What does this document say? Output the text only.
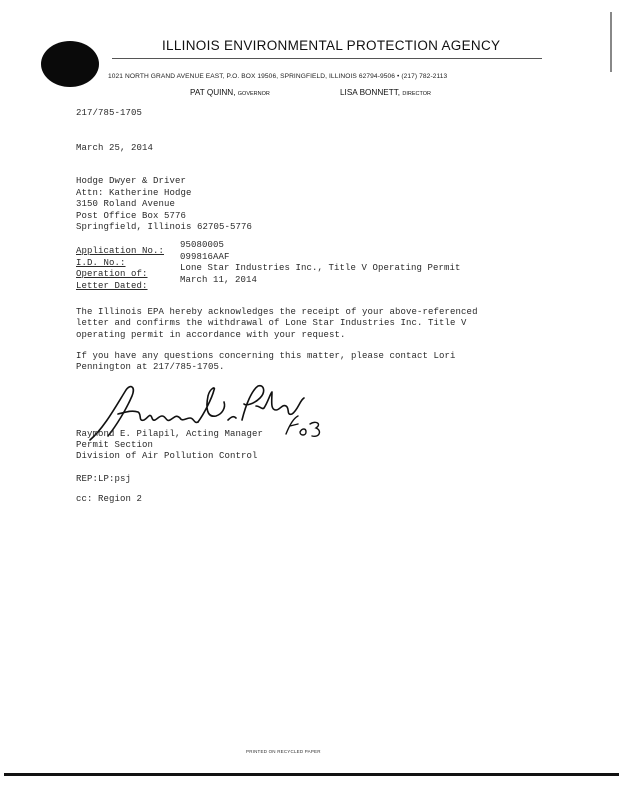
ILLINOIS ENVIRONMENTAL PROTECTION AGENCY
1021 NORTH GRAND AVENUE EAST, P.O. BOX 19506, SPRINGFIELD, ILLINOIS 62794-9506 • (217) 782-2113
PAT QUINN, GOVERNOR	LISA BONNETT, DIRECTOR
217/785-1705
March 25, 2014
Hodge Dwyer & Driver
Attn: Katherine Hodge
3150 Roland Avenue
Post Office Box 5776
Springfield, Illinois 62705-5776
Application No.:
95080005
I.D. No.:
099816AAF
Operation of:
Lone Star Industries Inc., Title V Operating Permit
Letter Dated:
March 11, 2014
The Illinois EPA hereby acknowledges the receipt of your above-referenced
letter and confirms the withdrawal of Lone Star Industries Inc. Title V
operating permit in accordance with your request.
If you have any questions concerning this matter, please contact Lori
Pennington at 217/785-1705.
Raymond E. Pilapil, Acting Manager
Permit Section
Division of Air Pollution Control
REP:LP:psj
cc: Region 2
PRINTED ON RECYCLED PAPER
